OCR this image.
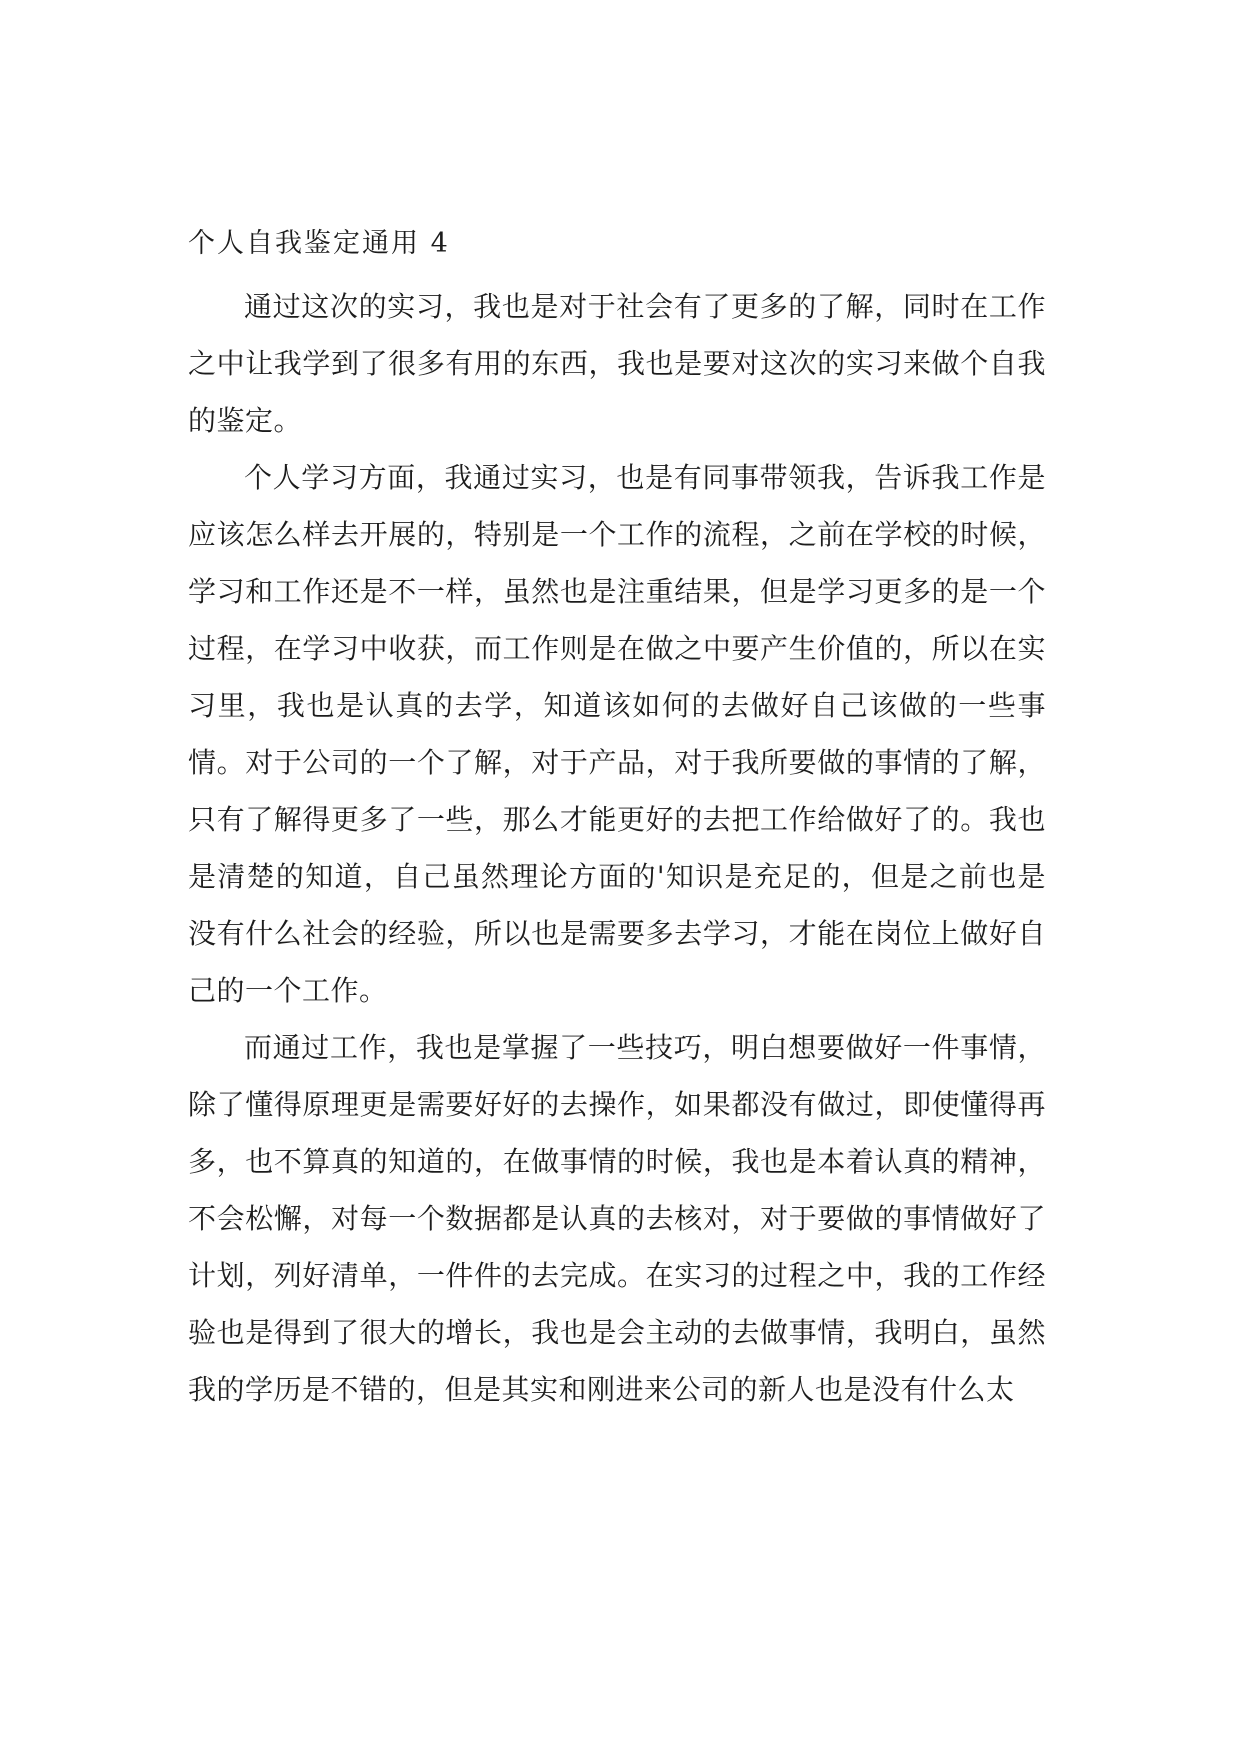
个人自我鉴定通用 4

通过这次的实习，我也是对于社会有了更多的了解，同时在工作之中让我学到了很多有用的东西，我也是要对这次的实习来做个自我的鉴定。

个人学习方面，我通过实习，也是有同事带领我，告诉我工作是应该怎么样去开展的，特别是一个工作的流程，之前在学校的时候，学习和工作还是不一样，虽然也是注重结果，但是学习更多的是一个过程，在学习中收获，而工作则是在做之中要产生价值的，所以在实习里，我也是认真的去学，知道该如何的去做好自己该做的一些事情。对于公司的一个了解，对于产品，对于我所要做的事情的了解，只有了解得更多了一些，那么才能更好的去把工作给做好了的。我也是清楚的知道，自己虽然理论方面的'知识是充足的，但是之前也是没有什么社会的经验，所以也是需要多去学习，才能在岗位上做好自己的一个工作。

而通过工作，我也是掌握了一些技巧，明白想要做好一件事情，除了懂得原理更是需要好好的去操作，如果都没有做过，即使懂得再多，也不算真的知道的，在做事情的时候，我也是本着认真的精神，不会松懈，对每一个数据都是认真的去核对，对于要做的事情做好了计划，列好清单，一件件的去完成。在实习的过程之中，我的工作经验也是得到了很大的增长，我也是会主动的去做事情，我明白，虽然我的学历是不错的，但是其实和刚进来公司的新人也是没有什么太
